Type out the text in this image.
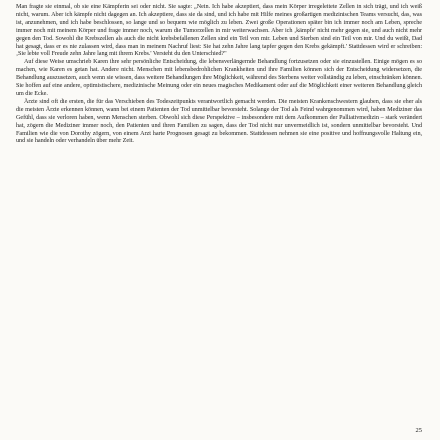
Man fragte sie einmal, ob sie eine Kämpferin sei oder nicht. Sie sagte: „Nein. Ich habe akzeptiert, dass mein Körper irregeleitete Zellen in sich trägt, und ich weiß nicht, warum. Aber ich kämpfe nicht dagegen an. Ich akzeptiere, dass sie da sind, und ich habe mit Hilfe meines großartigen medizinischen Teams versucht, das, was ist, anzunehmen, und ich habe beschlossen, so lange und so bequem wie möglich zu leben. Zwei große Operationen später bin ich immer noch am Leben, spreche immer noch mit meinem Körper und frage immer noch, warum die Tumorzellen in mir weiterwachsen. Aber ich ‚kämpfe' nicht mehr gegen sie, und auch nicht mehr gegen den Tod. Sowohl die Krebszellen als auch die nicht krebsbefallenen Zellen sind ein Teil von mir. Leben und Sterben sind ein Teil von mir. Und du weißt, Dad hat gesagt, dass er es nie zulassen wird, dass man in meinem Nachruf liest: Sie hat zehn Jahre lang tapfer gegen den Krebs gekämpft.' Stattdessen wird er schreiben: ‚Sie lebte voll Freude zehn Jahre lang mit ihrem Krebs.' Versteht du den Unterschied?"

Auf diese Weise umschrieb Karen ihre sehr persönliche Entscheidung, die lebensverlängernde Behandlung fortzusetzen oder sie einzustellen. Einige mögen es so machen, wie Karen es getan hat. Andere nicht. Menschen mit lebensbedrohlichen Krankheiten und ihre Familien können sich der Entscheidung widersetzen, die Behandlung auszusetzen, auch wenn sie wissen, dass weitere Behandlungen ihre Möglichkeit, während des Sterbens weiter vollständig zu leben, einschränken können. Sie hoffen auf eine andere, optimistischere, medizinische Meinung oder ein neues magisches Medikament oder auf die Möglichkeit einer weiteren Behandlung gleich um die Ecke.

Ärzte sind oft die ersten, die für das Verschieben des Todeszeitpunkts verantwortlich gemacht werden. Die meisten Krankenschwestern glauben, dass sie eher als die meisten Ärzte erkennen können, wann bei einem Patienten der Tod unmittelbar bevorsteht. Solange der Tod als Feind wahrgenommen wird, haben Mediziner das Gefühl, dass sie verloren haben, wenn Menschen sterben. Obwohl sich diese Perspektive – insbesondere mit dem Aufkommen der Palliativmedizin – stark verändert hat, zögern die Mediziner immer noch, den Patienten und ihren Familien zu sagen, dass der Tod nicht nur unvermeidlich ist, sondern unmittelbar bevorsteht. Und Familien wie die von Dorothy zögern, von einem Arzt harte Prognosen gesagt zu bekommen. Stattdessen nehmen sie eine positive und hoffnungsvolle Haltung ein, und sie handeln oder verhandeln über mehr Zeit.

25
